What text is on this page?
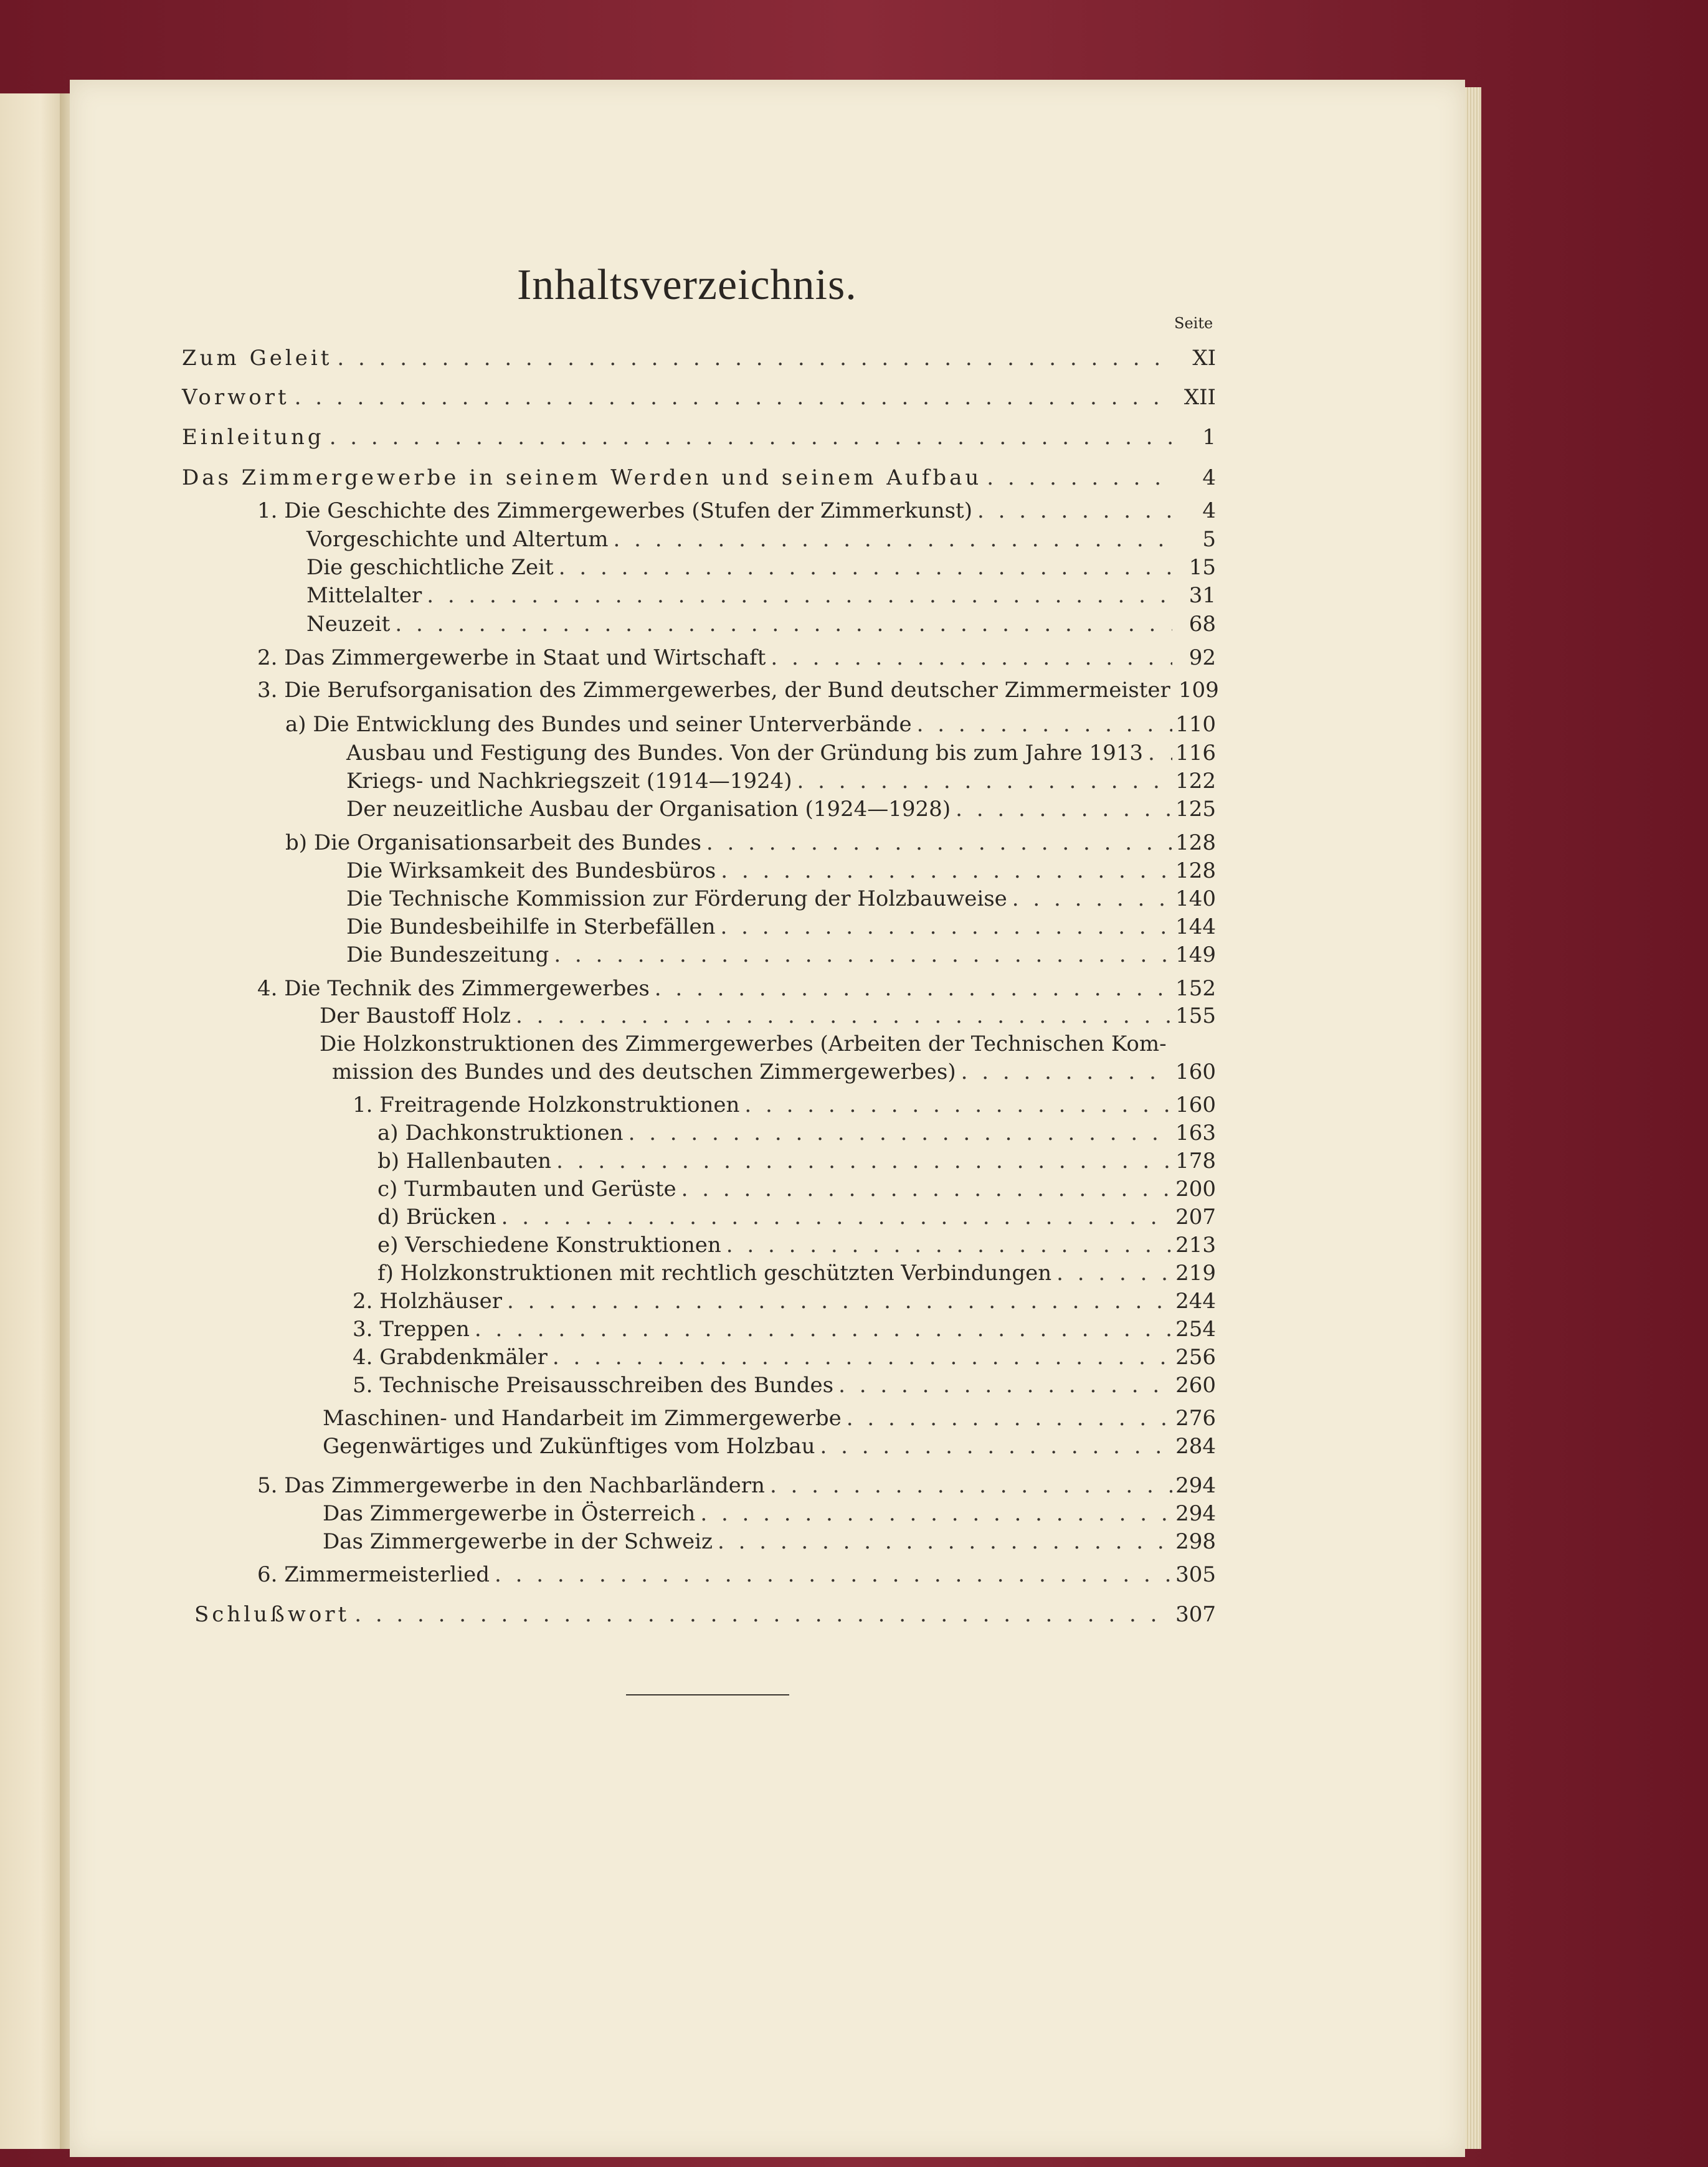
Inhaltsverzeichnis.
Seite
Zum Geleit . . .	XI
Vorwort . . .	XII
Einleitung . . .	1
Das Zimmergewerbe in seinem Werden und seinem Aufbau . . .	4
1. Die Geschichte des Zimmergewerbes (Stufen der Zimmerkunst) . . .	4
Vorgeschichte und Altertum . . .	5
Die geschichtliche Zeit . . .	15
Mittelalter . . .	31
Neuzeit . . .	68
2. Das Zimmergewerbe in Staat und Wirtschaft . . .	92
3. Die Berufsorganisation des Zimmergewerbes, der Bund deutscher Zimmermeister 109
a) Die Entwicklung des Bundes und seiner Unterverbände . . .	110
Ausbau und Festigung des Bundes. Von der Gründung bis zum Jahre 1913 . . . 116
Kriegs- und Nachkriegszeit (1914—1924) . . .	122
Der neuzeitliche Ausbau der Organisation (1924—1928) . . .	125
b) Die Organisationsarbeit des Bundes . . .	128
Die Wirksamkeit des Bundesbüros . . .	128
Die Technische Kommission zur Förderung der Holzbauweise . . .	140
Die Bundesbeihilfe in Sterbefällen . . .	144
Die Bundeszeitung . . .	149
4. Die Technik des Zimmergewerbes . . .	152
Der Baustoff Holz . . .	155
Die Holzkonstruktionen des Zimmergewerbes (Arbeiten der Technischen Kom-
mission des Bundes und des deutschen Zimmergewerbes) . . .	160
1. Freitragende Holzkonstruktionen . . .	160
a) Dachkonstruktionen . . .	163
b) Hallenbauten . . .	178
c) Turmbauten und Gerüste . . .	200
d) Brücken . . .	207
e) Verschiedene Konstruktionen . . .	213
f) Holzkonstruktionen mit rechtlich geschützten Verbindungen . . .	219
2. Holzhäuser . . .	244
3. Treppen . . .	254
4. Grabdenkmäler . . .	256
5. Technische Preisausschreiben des Bundes . . .	260
Maschinen- und Handarbeit im Zimmergewerbe . . .	276
Gegenwärtiges und Zukünftiges vom Holzbau . . .	284
5. Das Zimmergewerbe in den Nachbarländern . . .	294
Das Zimmergewerbe in Österreich . . .	294
Das Zimmergewerbe in der Schweiz . . .	298
6. Zimmermeisterlied . . .	305
Schlußwort . . .	307
